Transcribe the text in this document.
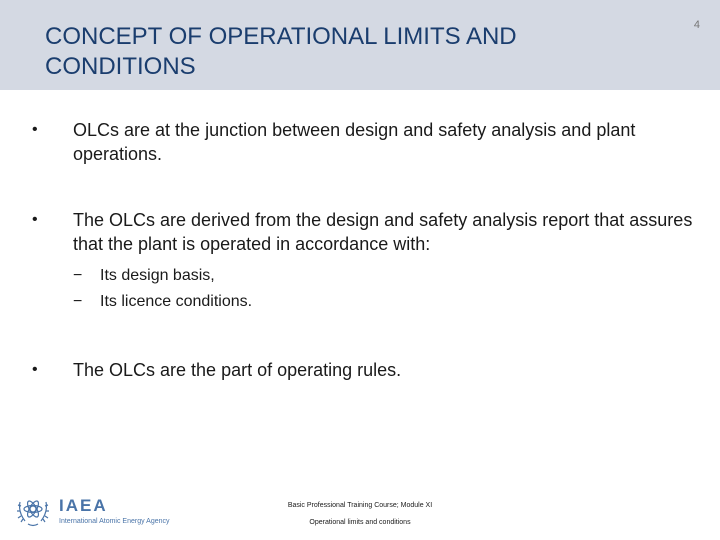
CONCEPT OF OPERATIONAL LIMITS AND CONDITIONS
4
• OLCs are at the junction between design and safety analysis and plant operations.
• The OLCs are derived from the design and safety analysis report that assures that the plant is operated in accordance with:
− Its design basis,
− Its licence conditions.
• The OLCs are the part of operating rules.
IAEA
International Atomic Energy Agency
Basic Professional Training Course; Module XI
Operational limits and conditions
